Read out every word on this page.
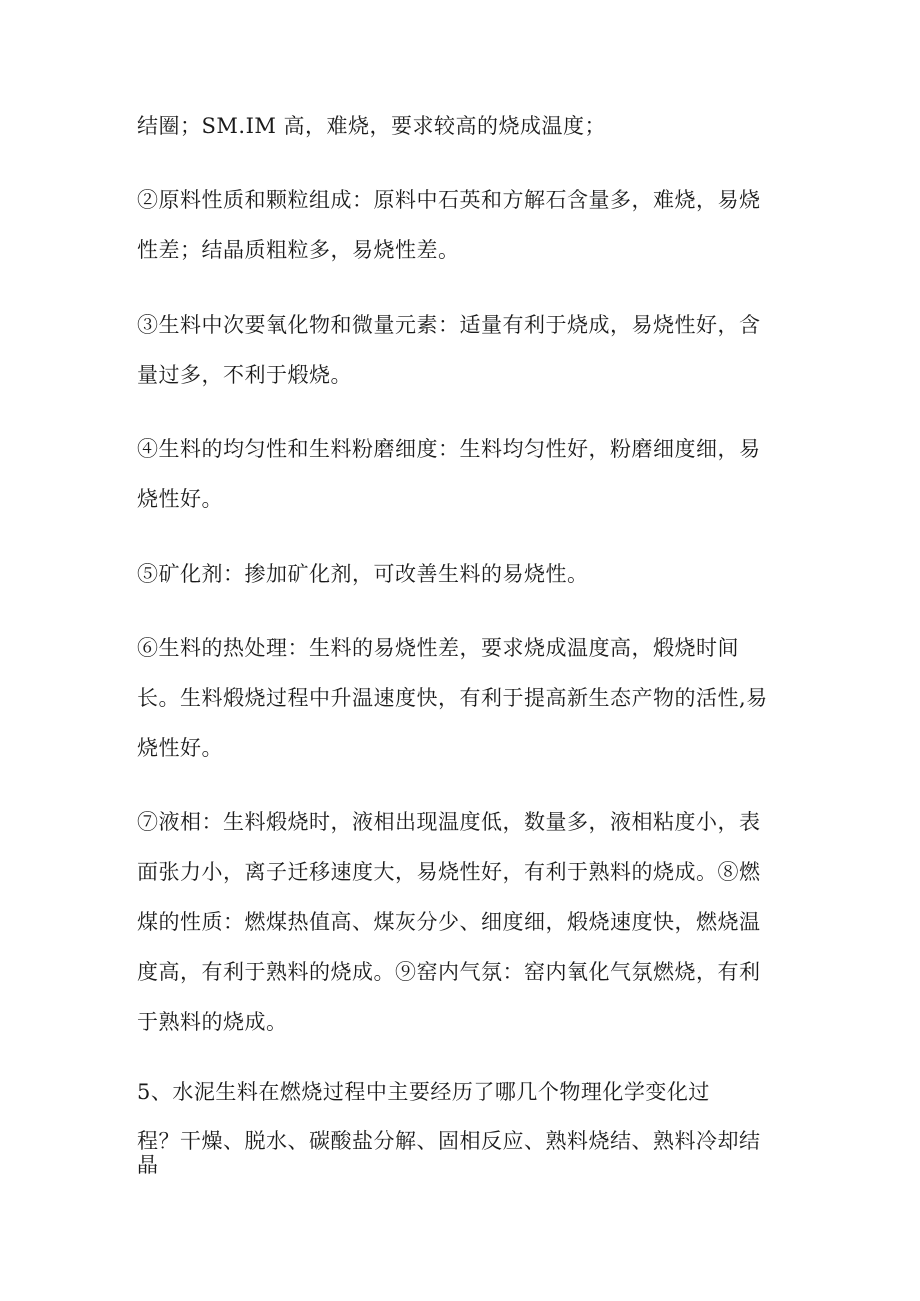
结圈；SM.IM 高，难烧，要求较高的烧成温度；
②原料性质和颗粒组成：原料中石英和方解石含量多，难烧，易烧
性差；结晶质粗粒多，易烧性差。
③生料中次要氧化物和微量元素：适量有利于烧成，易烧性好，含
量过多，不利于煅烧。
④生料的均匀性和生料粉磨细度：生料均匀性好，粉磨细度细，易
烧性好。
⑤矿化剂：掺加矿化剂，可改善生料的易烧性。
⑥生料的热处理：生料的易烧性差，要求烧成温度高，煅烧时间
长。生料煅烧过程中升温速度快，有利于提高新生态产物的活性,易
烧性好。
⑦液相：生料煅烧时，液相出现温度低，数量多，液相粘度小，表
面张力小，离子迁移速度大，易烧性好，有利于熟料的烧成。⑧燃
煤的性质：燃煤热值高、煤灰分少、细度细，煅烧速度快，燃烧温
度高，有利于熟料的烧成。⑨窑内气氛：窑内氧化气氛燃烧，有利
于熟料的烧成。
5、水泥生料在燃烧过程中主要经历了哪几个物理化学变化过
程？干燥、脱水、碳酸盐分解、固相反应、熟料烧结、熟料冷却结
晶
